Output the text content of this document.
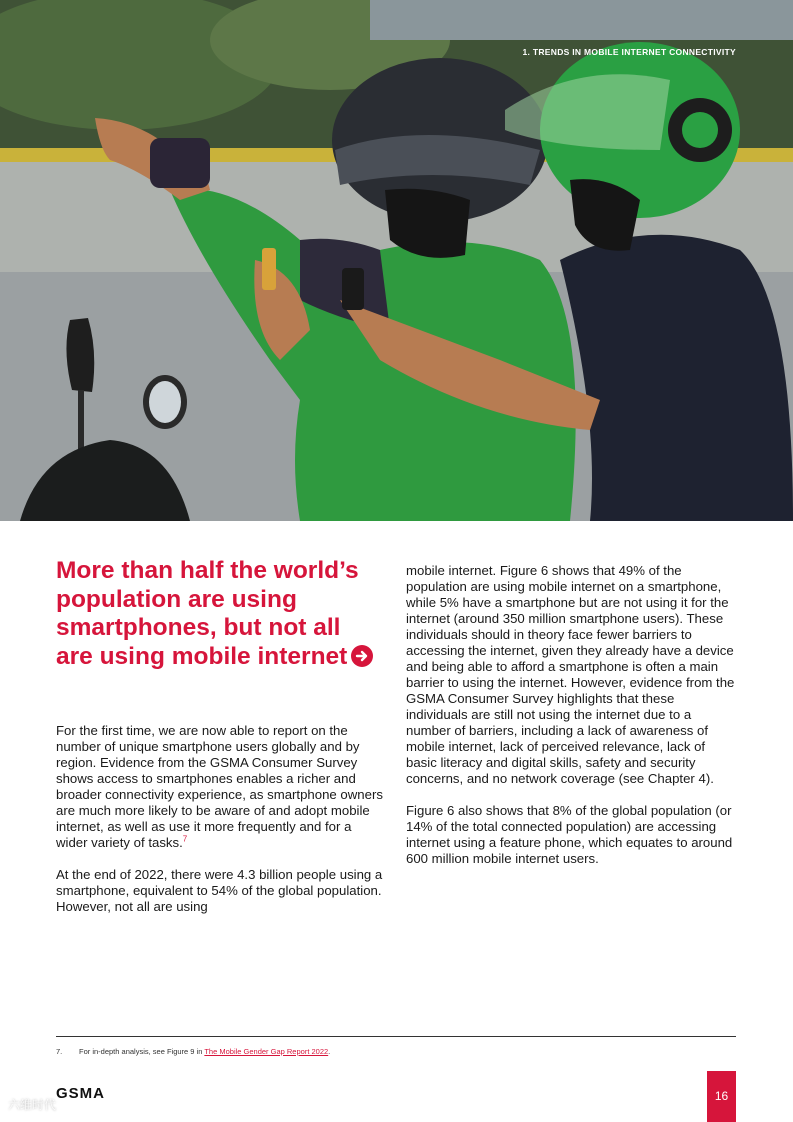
1. TRENDS IN MOBILE INTERNET CONNECTIVITY
More than half the world’s population are using smartphones, but not all are using mobile internet

For the first time, we are now able to report on the number of unique smartphone users globally and by region. Evidence from the GSMA Consumer Survey shows access to smartphones enables a richer and broader connectivity experience, as smartphone owners are much more likely to be aware of and adopt mobile internet, as well as use it more frequently and for a wider variety of tasks.$^7$

At the end of 2022, there were 4.3 billion people using a smartphone, equivalent to 54% of the global population. However, not all are using

mobile internet. Figure 6 shows that 49% of the population are using mobile internet on a smartphone, while 5% have a smartphone but are not using it for the internet (around 350 million smartphone users). These individuals should in theory face fewer barriers to accessing the internet, given they already have a device and being able to afford a smartphone is often a main barrier to using the internet. However, evidence from the GSMA Consumer Survey highlights that these individuals are still not using the internet due to a number of barriers, including a lack of awareness of mobile internet, lack of perceived relevance, lack of basic literacy and digital skills, safety and security concerns, and no network coverage (see Chapter 4).

Figure 6 also shows that 8% of the global population (or 14% of the total connected population) are accessing internet using a feature phone, which equates to around 600 million mobile internet users.

7. For in-depth analysis, see Figure 9 in The Mobile Gender Gap Report 2022.
GSMA
六维时代
16
